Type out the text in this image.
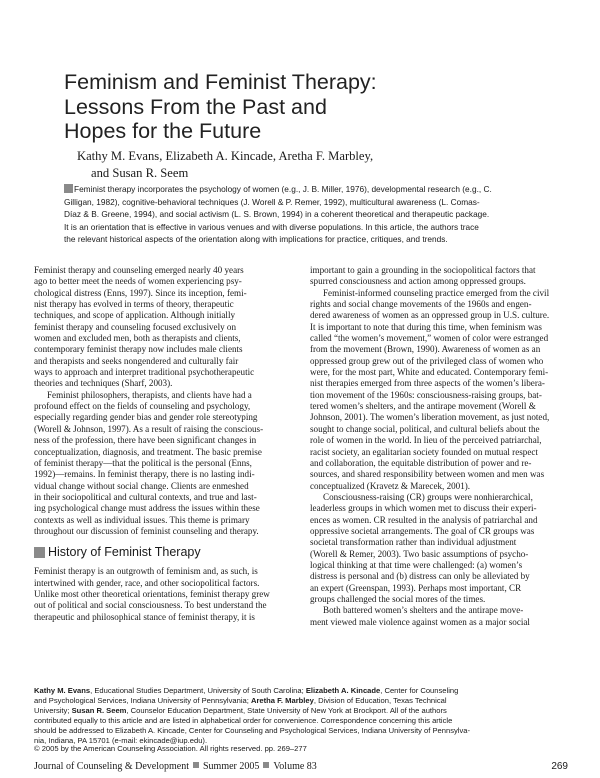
Feminism and Feminist Therapy:
Lessons From the Past and
Hopes for the Future
Kathy M. Evans, Elizabeth A. Kincade, Aretha F. Marbley,
and Susan R. Seem
Feminist therapy incorporates the psychology of women (e.g., J. B. Miller, 1976), developmental research (e.g., C.
Gilligan, 1982), cognitive-behavioral techniques (J. Worell & P. Remer, 1992), multicultural awareness (L. Comas-
Díaz & B. Greene, 1994), and social activism (L. S. Brown, 1994) in a coherent theoretical and therapeutic package.
It is an orientation that is effective in various venues and with diverse populations. In this article, the authors trace
the relevant historical aspects of the orientation along with implications for practice, critiques, and trends.
Feminist therapy and counseling emerged nearly 40 years
ago to better meet the needs of women experiencing psy-
chological distress (Enns, 1997). Since its inception, femi-
nist therapy has evolved in terms of theory, therapeutic
techniques, and scope of application. Although initially
feminist therapy and counseling focused exclusively on
women and excluded men, both as therapists and clients,
contemporary feminist therapy now includes male clients
and therapists and seeks nongendered and culturally fair
ways to approach and interpret traditional psychotherapeutic
theories and techniques (Sharf, 2003).
Feminist philosophers, therapists, and clients have had a
profound effect on the fields of counseling and psychology,
especially regarding gender bias and gender role stereotyping
(Worell & Johnson, 1997). As a result of raising the conscious-
ness of the profession, there have been significant changes in
conceptualization, diagnosis, and treatment. The basic premise
of feminist therapy—that the political is the personal (Enns,
1992)—remains. In feminist therapy, there is no lasting indi-
vidual change without social change. Clients are enmeshed
in their sociopolitical and cultural contexts, and true and last-
ing psychological change must address the issues within these
contexts as well as individual issues. This theme is primary
throughout our discussion of feminist counseling and therapy.
History of Feminist Therapy
Feminist therapy is an outgrowth of feminism and, as such, is
intertwined with gender, race, and other sociopolitical factors.
Unlike most other theoretical orientations, feminist therapy grew
out of political and social consciousness. To best understand the
therapeutic and philosophical stance of feminist therapy, it is
important to gain a grounding in the sociopolitical factors that
spurred consciousness and action among oppressed groups.
Feminist-informed counseling practice emerged from the civil
rights and social change movements of the 1960s and engen-
dered awareness of women as an oppressed group in U.S. culture.
It is important to note that during this time, when feminism was
called “the women’s movement,” women of color were estranged
from the movement (Brown, 1990). Awareness of women as an
oppressed group grew out of the privileged class of women who
were, for the most part, White and educated. Contemporary femi-
nist therapies emerged from three aspects of the women’s libera-
tion movement of the 1960s: consciousness-raising groups, bat-
tered women’s shelters, and the antirape movement (Worell &
Johnson, 2001). The women’s liberation movement, as just noted,
sought to change social, political, and cultural beliefs about the
role of women in the world. In lieu of the perceived patriarchal,
racist society, an egalitarian society founded on mutual respect
and collaboration, the equitable distribution of power and re-
sources, and shared responsibility between women and men was
conceptualized (Kravetz & Marecek, 2001).
Consciousness-raising (CR) groups were nonhierarchical,
leaderless groups in which women met to discuss their experi-
ences as women. CR resulted in the analysis of patriarchal and
oppressive societal arrangements. The goal of CR groups was
societal transformation rather than individual adjustment
(Worell & Remer, 2003). Two basic assumptions of psycho-
logical thinking at that time were challenged: (a) women’s
distress is personal and (b) distress can only be alleviated by
an expert (Greenspan, 1993). Perhaps most important, CR
groups challenged the social mores of the times.
Both battered women’s shelters and the antirape move-
ment viewed male violence against women as a major social
Kathy M. Evans, Educational Studies Department, University of South Carolina; Elizabeth A. Kincade, Center for Counseling
and Psychological Services, Indiana University of Pennsylvania; Aretha F. Marbley, Division of Education, Texas Technical
University; Susan R. Seem, Counselor Education Department, State University of New York at Brockport. All of the authors
contributed equally to this article and are listed in alphabetical order for convenience. Correspondence concerning this article
should be addressed to Elizabeth A. Kincade, Center for Counseling and Psychological Services, Indiana University of Pennsylva-
nia, Indiana, PA 15701 (e-mail: ekincade@iup.edu).
© 2005 by the American Counseling Association. All rights reserved. pp. 269–277
Journal of Counseling & Development Summer 2005 Volume 83	269
